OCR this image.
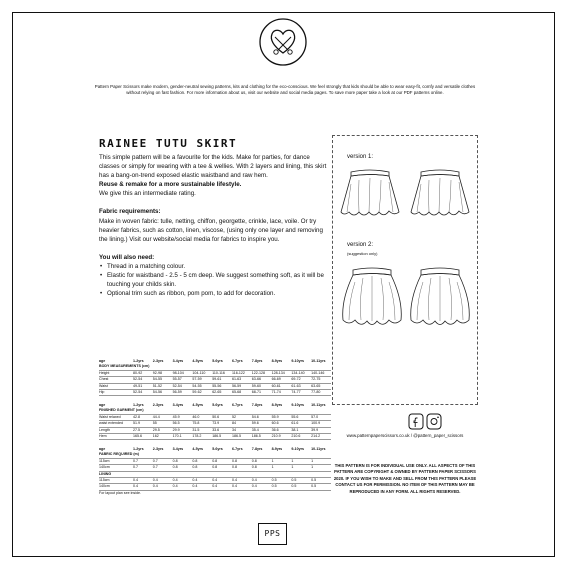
Pattern Paper Scissors make modern, gender-neutral sewing patterns, kits and clothing for the eco-conscious. We feel strongly that kids should be able to wear easy-fit, comfy and versatile clothes without relying on fast fashion. For more information about us, visit our website and social media pages. To save more paper take a look at our PDF patterns online.
RAINEE TUTU SKIRT

This simple pattern will be a favourite for the kids. Make for parties, for dance classes or simply for wearing with a tee & wellies. With 2 layers and lining, this skirt has a bang-on-trend exposed elastic waistband and raw hem.

Reuse & remake for a more sustainable lifestyle.

We give this an intermediate rating.

Fabric requirements:

Make in woven fabric: tulle, netting, chiffon, georgette, crinkle, lace, voile. Or try heavier fabrics, such as cotton, linen, viscose, (using only one layer and removing the lining.) Visit our website/social media for fabrics to inspire you.

You will also need:

• Thread in a matching colour.
• Elastic for waistband - 2.5 - 5 cm deep. We suggest something soft, as it will be touching your childs skin.
• Optional trim such as ribbon, pom pom, to add for decoration.
version 1:
version 2:
(suggestion only)
age	1-2yrs	2-3yrs	3-4yrs	4-5yrs	5-6yrs	6-7yrs	7-8yrs	8-9yrs	9-10yrs	10-11yrs
BODY MEASUREMENTS (cm)										
Height	80-92	92-98	98-104	104-110	110-116	116-122	122-128	128-134	134-140	140-146
Chest	52-54	54-55	55-57	57-59	59-61	61-63	63-66	66-69	69-72	72-75
Waist	49-51	51-52	52-54	54-55	55-56	56-59	59-60	60-61	61-63	63-65
Hip	52-54	54-56	56-59	59-62	62-65	65-68	68-71	71-74	74-77	77-80
age	1-2yrs	2-3yrs	3-4yrs	4-5yrs	5-6yrs	6-7yrs	7-8yrs	8-9yrs	9-10yrs	10-11yrs
FINISHED GARMENT (cm)										
Waist relaxed	42.8	44.4	45.9	46.0	50.6	52	54.6	55.9	55.6	57.0
waist extended	51.9	55	56.5	75.8	73.9	84	59.6	60.6	61.6	100.9
Length	27.5	29.5	29.9	31.5	33.6	34	35.4	36.6	38.1	39.9
Hem	165.6	162	170.1	178.2	186.5	186.5	186.5	210.9	210.6	214.2
age	1-2yrs	2-3yrs	3-4yrs	4-5yrs	5-6yrs	6-7yrs	7-8yrs	8-9yrs	9-10yrs	10-11yrs
FABRIC REQUIRED (m)										
115cm	0.7	0.7	0.8	0.8	0.8	0.8	0.8	1	1	1
140cm	0.7	0.7	0.8	0.8	0.8	0.8	0.8	1	1	1
LINING										
115cm	0.4	0.4	0.4	0.4	0.4	0.4	0.4	0.5	0.5	0.5
140cm	0.4	0.4	0.4	0.4	0.4	0.4	0.4	0.5	0.5	0.5
For layout plan see inside.										
www.patternpaperscissors.co.uk / @pattern_paper_scissors
THIS PATTERN IS FOR INDIVIDUAL USE ONLY. ALL ASPECTS OF THIS PATTERN ARE COPYRIGHT & OWNED BY PATTERN PAPER SCISSORS 2020. IF YOU WISH TO MAKE AND SELL FROM THIS PATTERN PLEASE CONTACT US FOR PERMISSION. NO ITEM OF THIS PATTERN MAY BE REPRODUCED IN ANY FORM. ALL RIGHTS RESERVED.
PPS
